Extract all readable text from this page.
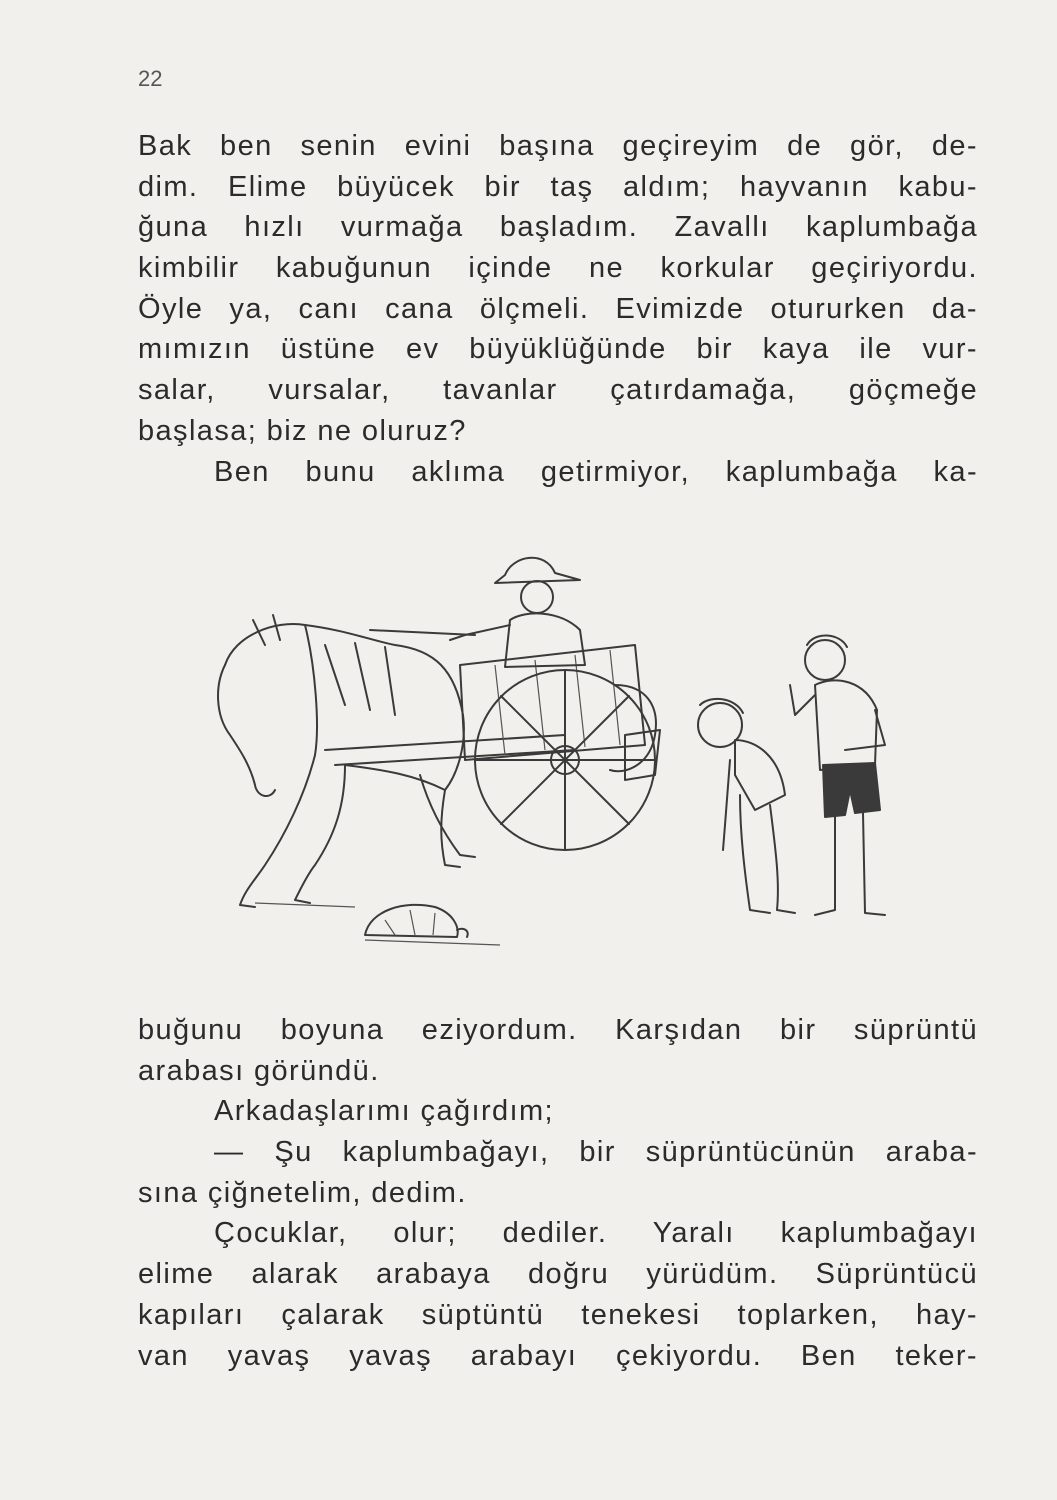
22
Bak ben senin evini başına geçireyim de gör, de-
dim. Elime büyücek bir taş aldım; hayvanın kabu-
ğuna hızlı vurmağa başladım. Zavallı kaplumbağa
kimbilir kabuğunun içinde ne korkular geçiriyordu.
Öyle ya, canı cana ölçmeli. Evimizde otururken da-
mımızın üstüne ev büyüklüğünde bir kaya ile vur-
salar, vursalar, tavanlar çatırdamağa, göçmeğe
başlasa; biz ne oluruz?
Ben bunu aklıma getirmiyor, kaplumbağa ka-
buğunu boyuna eziyordum. Karşıdan bir süprüntü
arabası göründü.
Arkadaşlarımı çağırdım;
— Şu kaplumbağayı, bir süprüntücünün araba-
sına çiğnetelim, dedim.
Çocuklar, olur; dediler. Yaralı kaplumbağayı
elime alarak arabaya doğru yürüdüm. Süprüntücü
kapıları çalarak süptüntü tenekesi toplarken, hay-
van yavaş yavaş arabayı çekiyordu. Ben teker-
